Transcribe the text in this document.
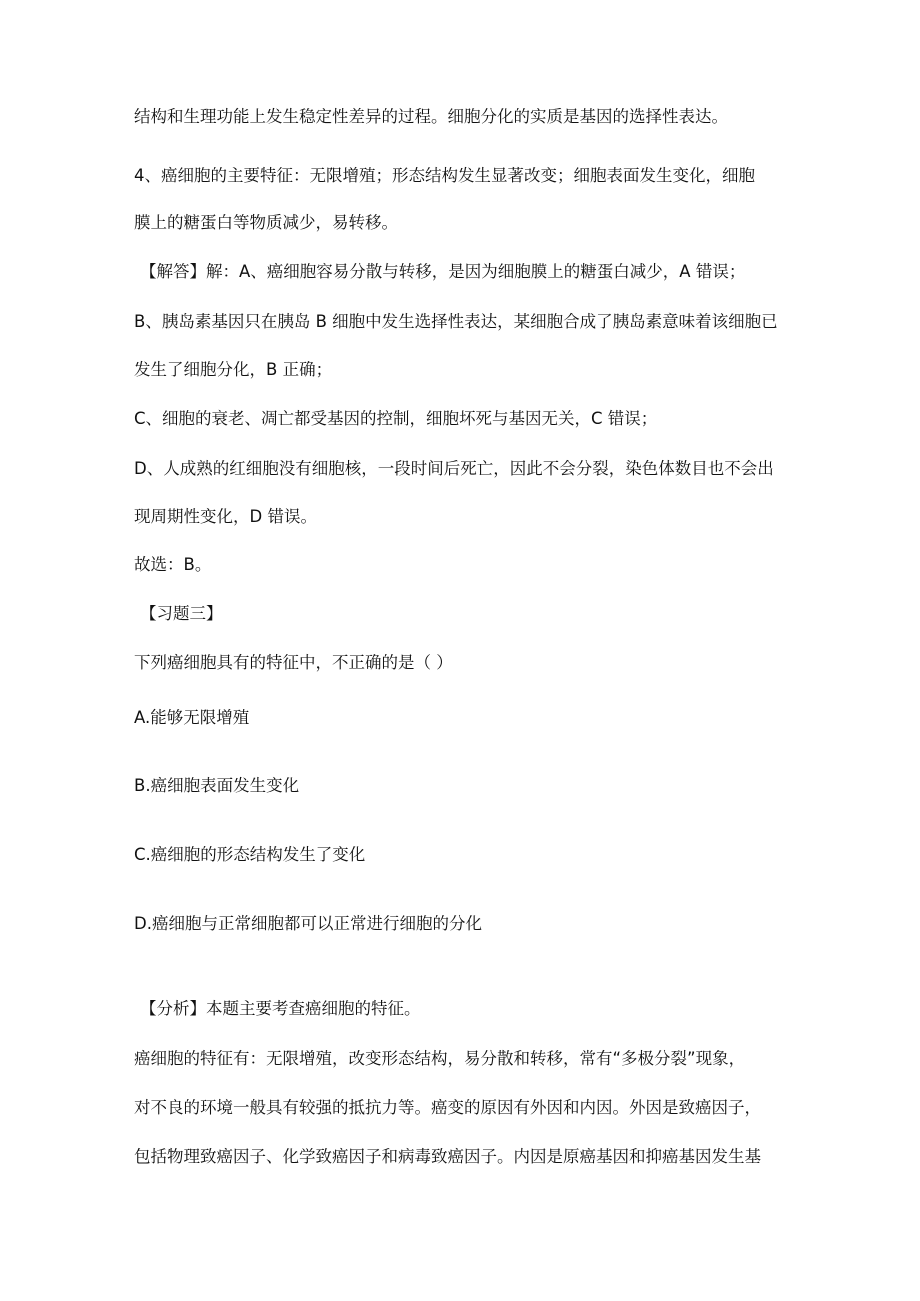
结构和生理功能上发生稳定性差异的过程。细胞分化的实质是基因的选择性表达。

4、癌细胞的主要特征：无限增殖；形态结构发生显著改变；细胞表面发生变化，细胞

膜上的糖蛋白等物质减少，易转移。

【解答】解：A、癌细胞容易分散与转移，是因为细胞膜上的糖蛋白减少，A 错误；

B、胰岛素基因只在胰岛 B 细胞中发生选择性表达，某细胞合成了胰岛素意味着该细胞已

发生了细胞分化，B 正确；

C、细胞的衰老、凋亡都受基因的控制，细胞坏死与基因无关，C 错误；

D、人成熟的红细胞没有细胞核，一段时间后死亡，因此不会分裂，染色体数目也不会出

现周期性变化，D 错误。

故选：B。

【习题三】

下列癌细胞具有的特征中，不正确的是（ ）

A.能够无限增殖

B.癌细胞表面发生变化

C.癌细胞的形态结构发生了变化

D.癌细胞与正常细胞都可以正常进行细胞的分化

【分析】本题主要考查癌细胞的特征。

癌细胞的特征有：无限增殖，改变形态结构，易分散和转移，常有“多极分裂”现象，

对不良的环境一般具有较强的抵抗力等。癌变的原因有外因和内因。外因是致癌因子，

包括物理致癌因子、化学致癌因子和病毒致癌因子。内因是原癌基因和抑癌基因发生基
